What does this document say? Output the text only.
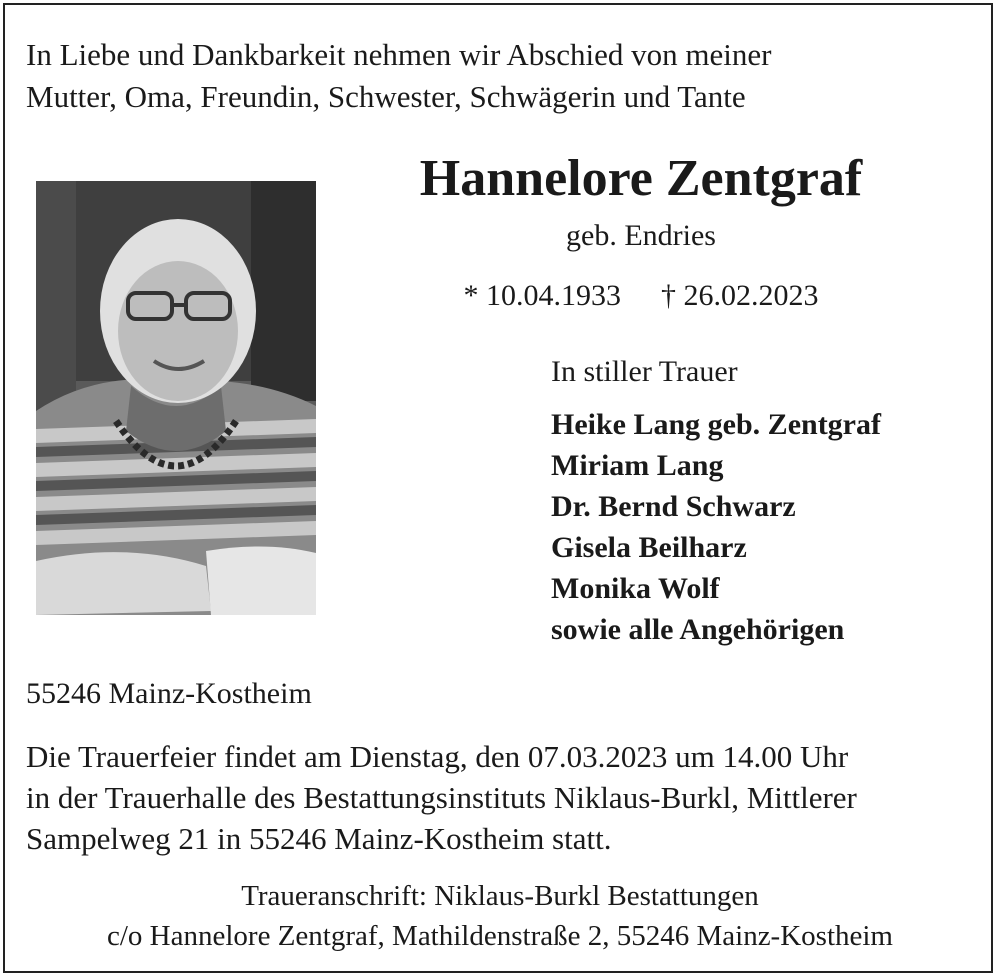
In Liebe und Dankbarkeit nehmen wir Abschied von meiner
Mutter, Oma, Freundin, Schwester, Schwägerin und Tante
Hannelore Zentgraf
geb. Endries
* 10.04.1933 † 26.02.2023
In stiller Trauer
Heike Lang geb. Zentgraf
Miriam Lang
Dr. Bernd Schwarz
Gisela Beilharz
Monika Wolf
sowie alle Angehörigen
55246 Mainz-Kostheim
Die Trauerfeier findet am Dienstag, den 07.03.2023 um 14.00 Uhr
in der Trauerhalle des Bestattungsinstituts Niklaus-Burkl, Mittlerer
Sampelweg 21 in 55246 Mainz-Kostheim statt.
Traueranschrift: Niklaus-Burkl Bestattungen
c/o Hannelore Zentgraf, Mathildenstraße 2, 55246 Mainz-Kostheim
